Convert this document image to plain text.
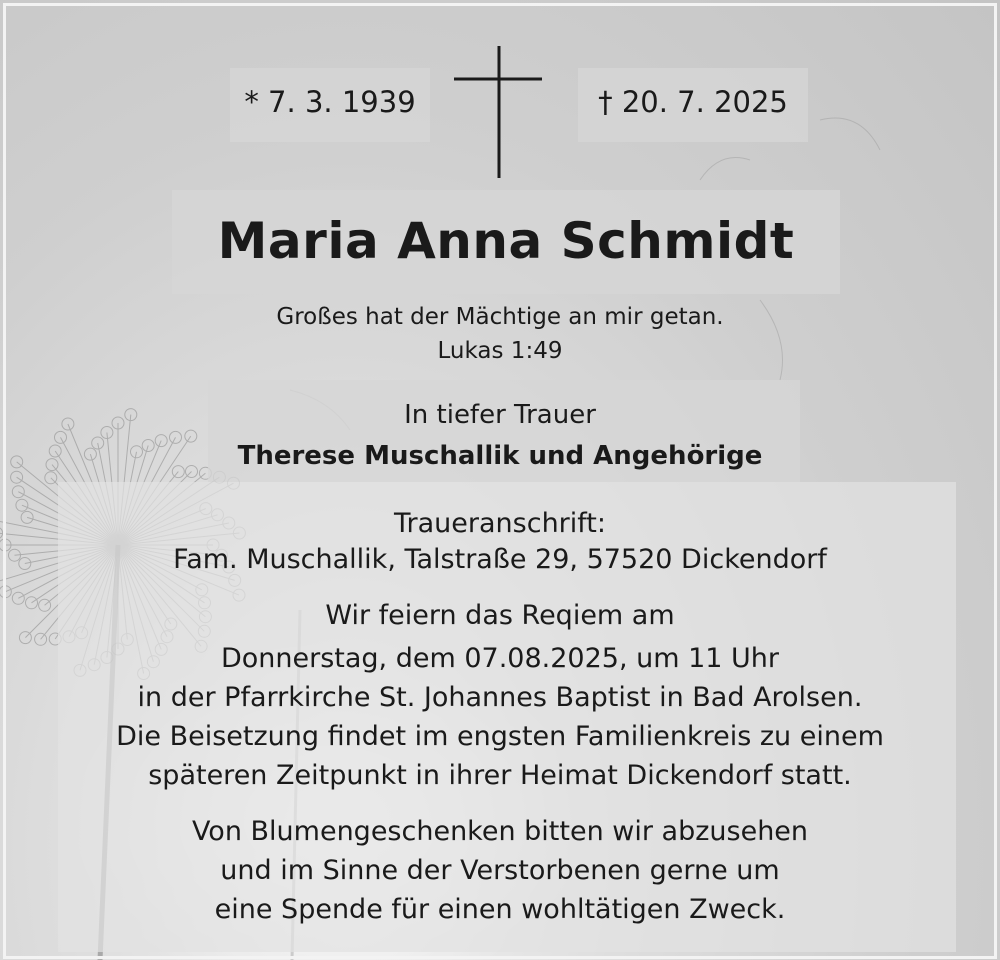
* 7. 3. 1939	† 20. 7. 2025
Maria Anna Schmidt
Großes hat der Mächtige an mir getan.
Lukas 1:49
In tiefer Trauer
Therese Muschallik und Angehörige
Traueranschrift:
Fam. Muschallik, Talstraße 29, 57520 Dickendorf
Wir feiern das Reqiem am
Donnerstag, dem 07.08.2025, um 11 Uhr
in der Pfarrkirche St. Johannes Baptist in Bad Arolsen.
Die Beisetzung findet im engsten Familienkreis zu einem
späteren Zeitpunkt in ihrer Heimat Dickendorf statt.
Von Blumengeschenken bitten wir abzusehen
und im Sinne der Verstorbenen gerne um
eine Spende für einen wohltätigen Zweck.
